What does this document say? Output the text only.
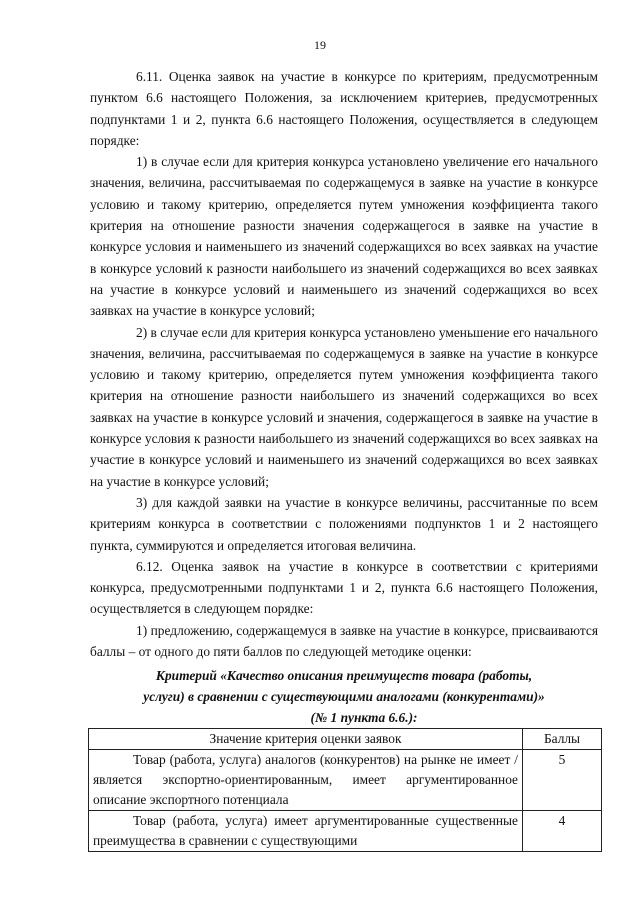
19

6.11. Оценка заявок на участие в конкурсе по критериям, предусмотренным пунктом 6.6 настоящего Положения, за исключением критериев, предусмотренных подпунктами 1 и 2, пункта 6.6 настоящего Положения, осуществляется в следующем порядке:

1) в случае если для критерия конкурса установлено увеличение его начального значения, величина, рассчитываемая по содержащемуся в заявке на участие в конкурсе условию и такому критерию, определяется путем умножения коэффициента такого критерия на отношение разности значения содержащегося в заявке на участие в конкурсе условия и наименьшего из значений содержащихся во всех заявках на участие в конкурсе условий к разности наибольшего из значений содержащихся во всех заявках на участие в конкурсе условий и наименьшего из значений содержащихся во всех заявках на участие в конкурсе условий;

2) в случае если для критерия конкурса установлено уменьшение его начального значения, величина, рассчитываемая по содержащемуся в заявке на участие в конкурсе условию и такому критерию, определяется путем умножения коэффициента такого критерия на отношение разности наибольшего из значений содержащихся во всех заявках на участие в конкурсе условий и значения, содержащегося в заявке на участие в конкурсе условия к разности наибольшего из значений содержащихся во всех заявках на участие в конкурсе условий и наименьшего из значений содержащихся во всех заявках на участие в конкурсе условий;

3) для каждой заявки на участие в конкурсе величины, рассчитанные по всем критериям конкурса в соответствии с положениями подпунктов 1 и 2 настоящего пункта, суммируются и определяется итоговая величина.

6.12. Оценка заявок на участие в конкурсе в соответствии с критериями конкурса, предусмотренными подпунктами 1 и 2, пункта 6.6 настоящего Положения, осуществляется в следующем порядке:

1) предложению, содержащемуся в заявке на участие в конкурсе, присваиваются баллы – от одного до пяти баллов по следующей методике оценки:

Критерий «Качество описания преимуществ товара (работы,
услуги) в сравнении с существующими аналогами (конкурентами)»
(№ 1 пункта 6.6.):
Значение критерия оценки заявок	Баллы
Товар (работа, услуга) аналогов (конкурентов) на рынке не имеет /является экспортно-ориентированным, имеет аргументированное описание экспортного потенциала	5
Товар (работа, услуга) имеет аргументированные существенные преимущества в сравнении с существующими	4
